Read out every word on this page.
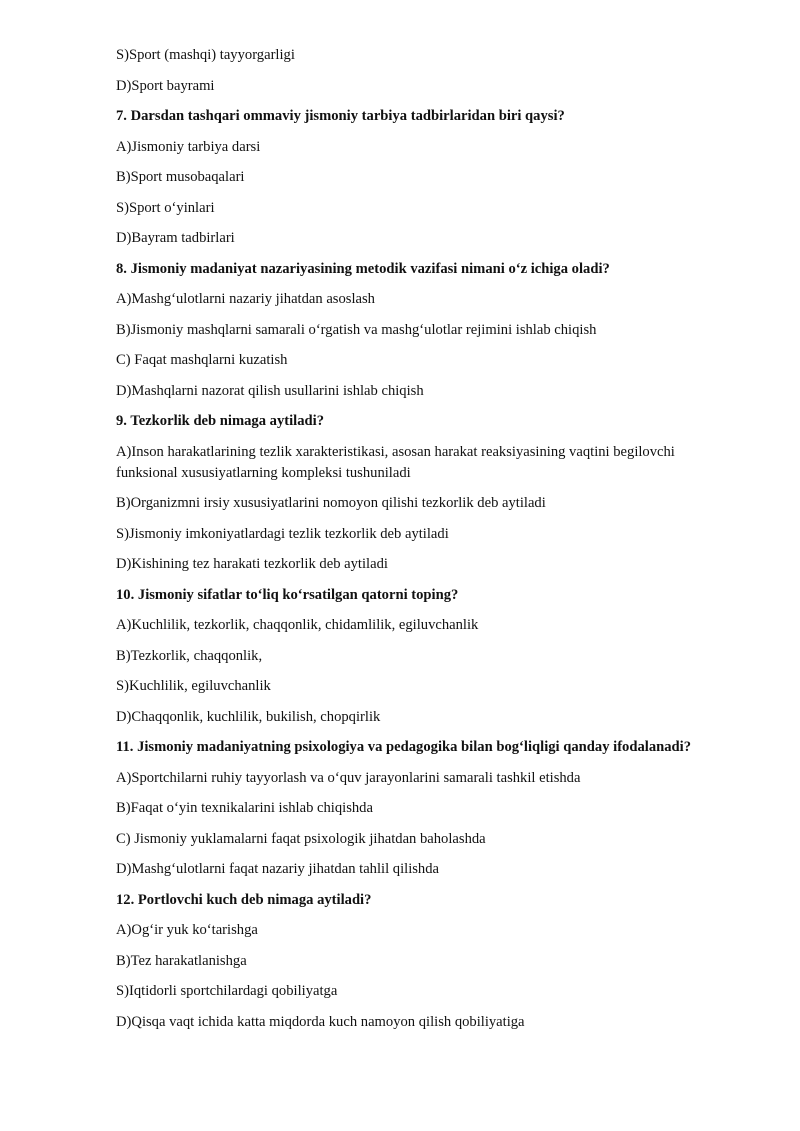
S)Sport (mashqi) tayyorgarligi

D)Sport bayrami

7. Darsdan tashqari ommaviy jismoniy tarbiya tadbirlaridan biri qaysi?

A)Jismoniy tarbiya darsi

B)Sport musobaqalari

S)Sport o‘yinlari

D)Bayram tadbirlari

8. Jismoniy madaniyat nazariyasining metodik vazifasi nimani o‘z ichiga oladi?

A)Mashg‘ulotlarni nazariy jihatdan asoslash

B)Jismoniy mashqlarni samarali o‘rgatish va mashg‘ulotlar rejimini ishlab chiqish

C) Faqat mashqlarni kuzatish

D)Mashqlarni nazorat qilish usullarini ishlab chiqish

9. Tezkorlik deb nimaga aytiladi?

A)Inson harakatlarining tezlik xarakteristikasi, asosan harakat reaksiyasining vaqtini begilovchi funksional xususiyatlarning kompleksi tushuniladi

B)Organizmni irsiy xususiyatlarini nomoyon qilishi tezkorlik deb aytiladi

S)Jismoniy imkoniyatlardagi tezlik tezkorlik deb aytiladi

D)Kishining tez harakati tezkorlik deb aytiladi

10. Jismoniy sifatlar to‘liq ko‘rsatilgan qatorni toping?

A)Kuchlilik, tezkorlik, chaqqonlik, chidamlilik, egiluvchanlik

B)Tezkorlik, chaqqonlik,

S)Kuchlilik, egiluvchanlik

D)Chaqqonlik, kuchlilik, bukilish, chopqirlik

11. Jismoniy madaniyatning psixologiya va pedagogika bilan bog‘liqligi qanday ifodalanadi?

A)Sportchilarni ruhiy tayyorlash va o‘quv jarayonlarini samarali tashkil etishda

B)Faqat o‘yin texnikalarini ishlab chiqishda

C) Jismoniy yuklamalarni faqat psixologik jihatdan baholashda

D)Mashg‘ulotlarni faqat nazariy jihatdan tahlil qilishda

12. Portlovchi kuch deb nimaga aytiladi?

A)Og‘ir yuk ko‘tarishga

B)Tez harakatlanishga

S)Iqtidorli sportchilardagi qobiliyatga

D)Qisqa vaqt ichida katta miqdorda kuch namoyon qilish qobiliyatiga
